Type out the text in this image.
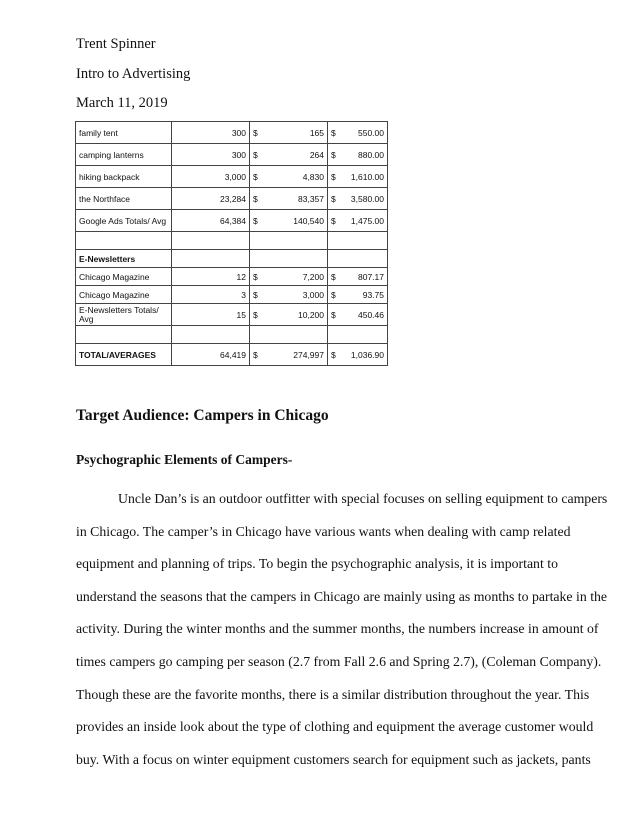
Trent Spinner
Intro to Advertising
March 11, 2019
family tent	300	$	165	$	550.00
camping lanterns	300	$	264	$	880.00
hiking backpack	3,000	$	4,830	$	1,610.00
the Northface	23,284	$	83,357	$	3,580.00
Google Ads Totals/ Avg	64,384	$	140,540	$	1,475.00

E-Newsletters					
Chicago Magazine	12	$	7,200	$	807.17
Chicago Magazine	3	$	3,000	$	93.75
E-Newsletters Totals/ Avg	15	$	10,200	$	450.46

TOTAL/AVERAGES	64,419	$	274,997	$	1,036.90
Target Audience: Campers in Chicago
Psychographic Elements of Campers-
Uncle Dan’s is an outdoor outfitter with special focuses on selling equipment to campers
in Chicago. The camper’s in Chicago have various wants when dealing with camp related
equipment and planning of trips. To begin the psychographic analysis, it is important to
understand the seasons that the campers in Chicago are mainly using as months to partake in the
activity. During the winter months and the summer months, the numbers increase in amount of
times campers go camping per season (2.7 from Fall 2.6 and Spring 2.7), (Coleman Company).
Though these are the favorite months, there is a similar distribution throughout the year. This
provides an inside look about the type of clothing and equipment the average customer would
buy. With a focus on winter equipment customers search for equipment such as jackets, pants
